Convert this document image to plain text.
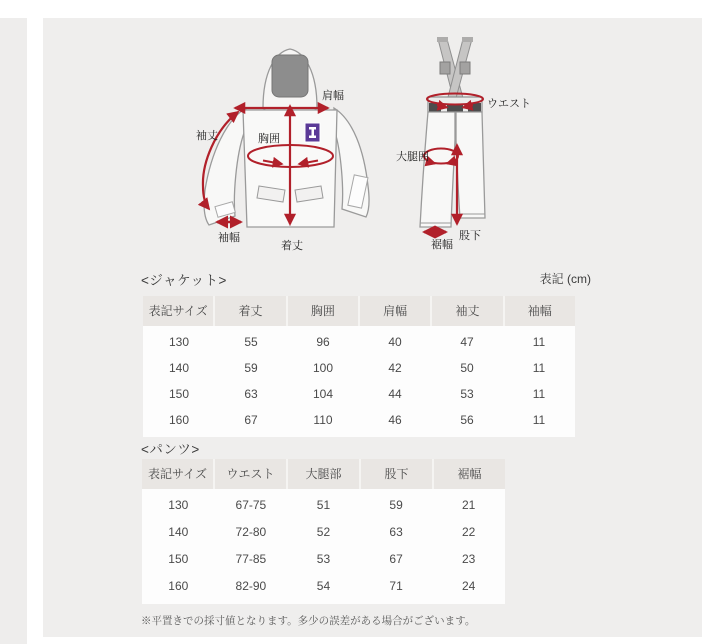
肩幅
袖丈	胸囲
袖幅
着丈
ウエスト
大腿囲
股下
裾幅
<ジャケット>	表記 (cm)
表記サイズ	着丈	胸囲	肩幅	袖丈	袖幅
130	55	96	40	47	11
140	59	100	42	50	11
150	63	104	44	53	11
160	67	110	46	56	11
<パンツ>
表記サイズ	ウエスト	大腿部	股下	裾幅
130	67-75	51	59	21
140	72-80	52	63	22
150	77-85	53	67	23
160	82-90	54	71	24
※平置きでの採寸値となります。多少の誤差がある場合がございます。
